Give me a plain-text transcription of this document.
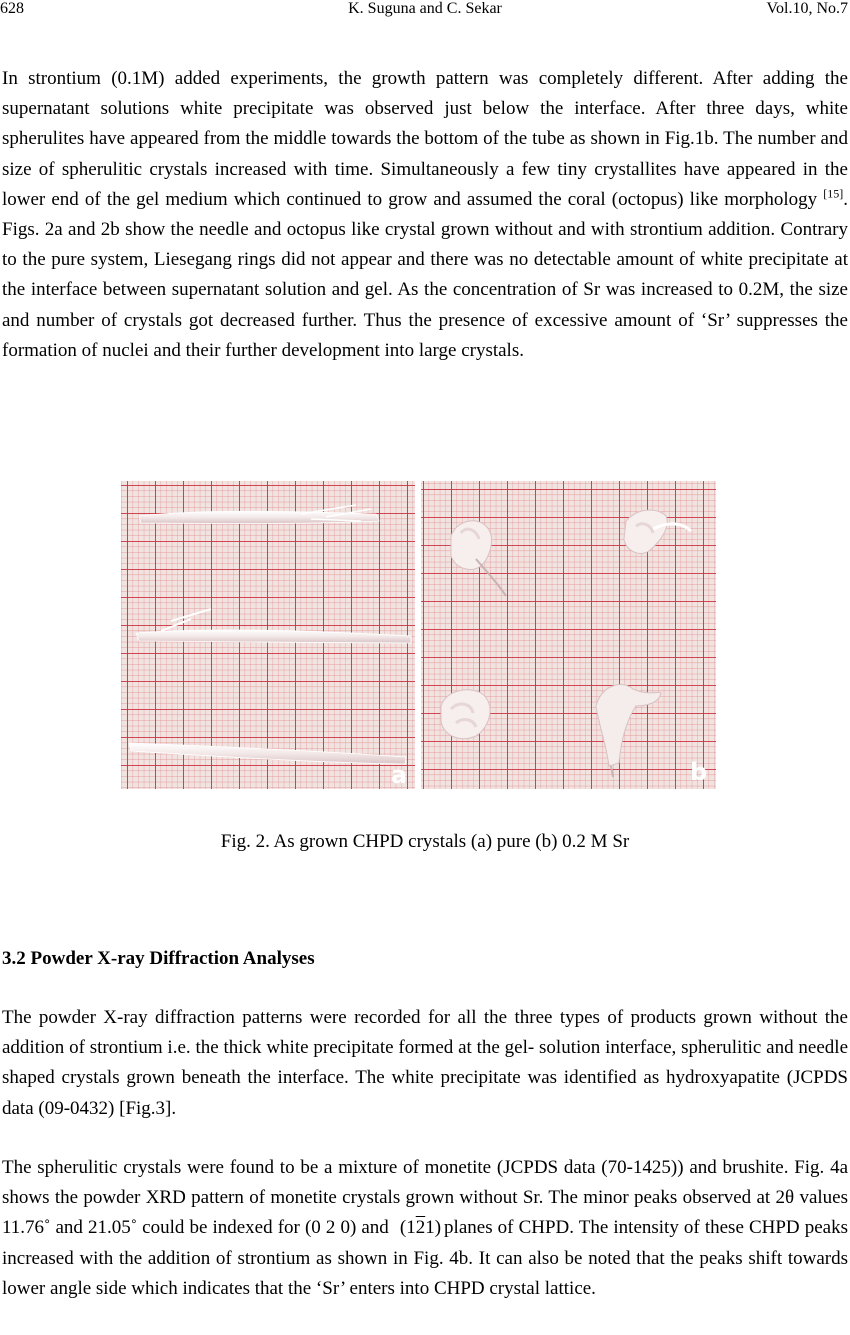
628	K. Suguna and C. Sekar	Vol.10, No.7

In strontium (0.1M) added experiments, the growth pattern was completely different. After adding the supernatant solutions white precipitate was observed just below the interface. After three days, white spherulites have appeared from the middle towards the bottom of the tube as shown in Fig.1b. The number and size of spherulitic crystals increased with time. Simultaneously a few tiny crystallites have appeared in the lower end of the gel medium which continued to grow and assumed the coral (octopus) like morphology [15]. Figs. 2a and 2b show the needle and octopus like crystal grown without and with strontium addition. Contrary to the pure system, Liesegang rings did not appear and there was no detectable amount of white precipitate at the interface between supernatant solution and gel. As the concentration of Sr was increased to 0.2M, the size and number of crystals got decreased further. Thus the presence of excessive amount of ‘Sr’ suppresses the formation of nuclei and their further development into large crystals.

a	b
Fig. 2. As grown CHPD crystals (a) pure (b) 0.2 M Sr
3.2 Powder X-ray Diffraction Analyses

The powder X-ray diffraction patterns were recorded for all the three types of products grown without the addition of strontium i.e. the thick white precipitate formed at the gel- solution interface, spherulitic and needle shaped crystals grown beneath the interface. The white precipitate was identified as hydroxyapatite (JCPDS data (09-0432) [Fig.3].

The spherulitic crystals were found to be a mixture of monetite (JCPDS data (70-1425)) and brushite. Fig. 4a shows the powder XRD pattern of monetite crystals grown without Sr. The minor peaks observed at 2θ values 11.76˚ and 21.05˚ could be indexed for (0 2 0) and (121) planes of CHPD. The intensity of these CHPD peaks increased with the addition of strontium as shown in Fig. 4b. It can also be noted that the peaks shift towards lower angle side which indicates that the ‘Sr’ enters into CHPD crystal lattice.
